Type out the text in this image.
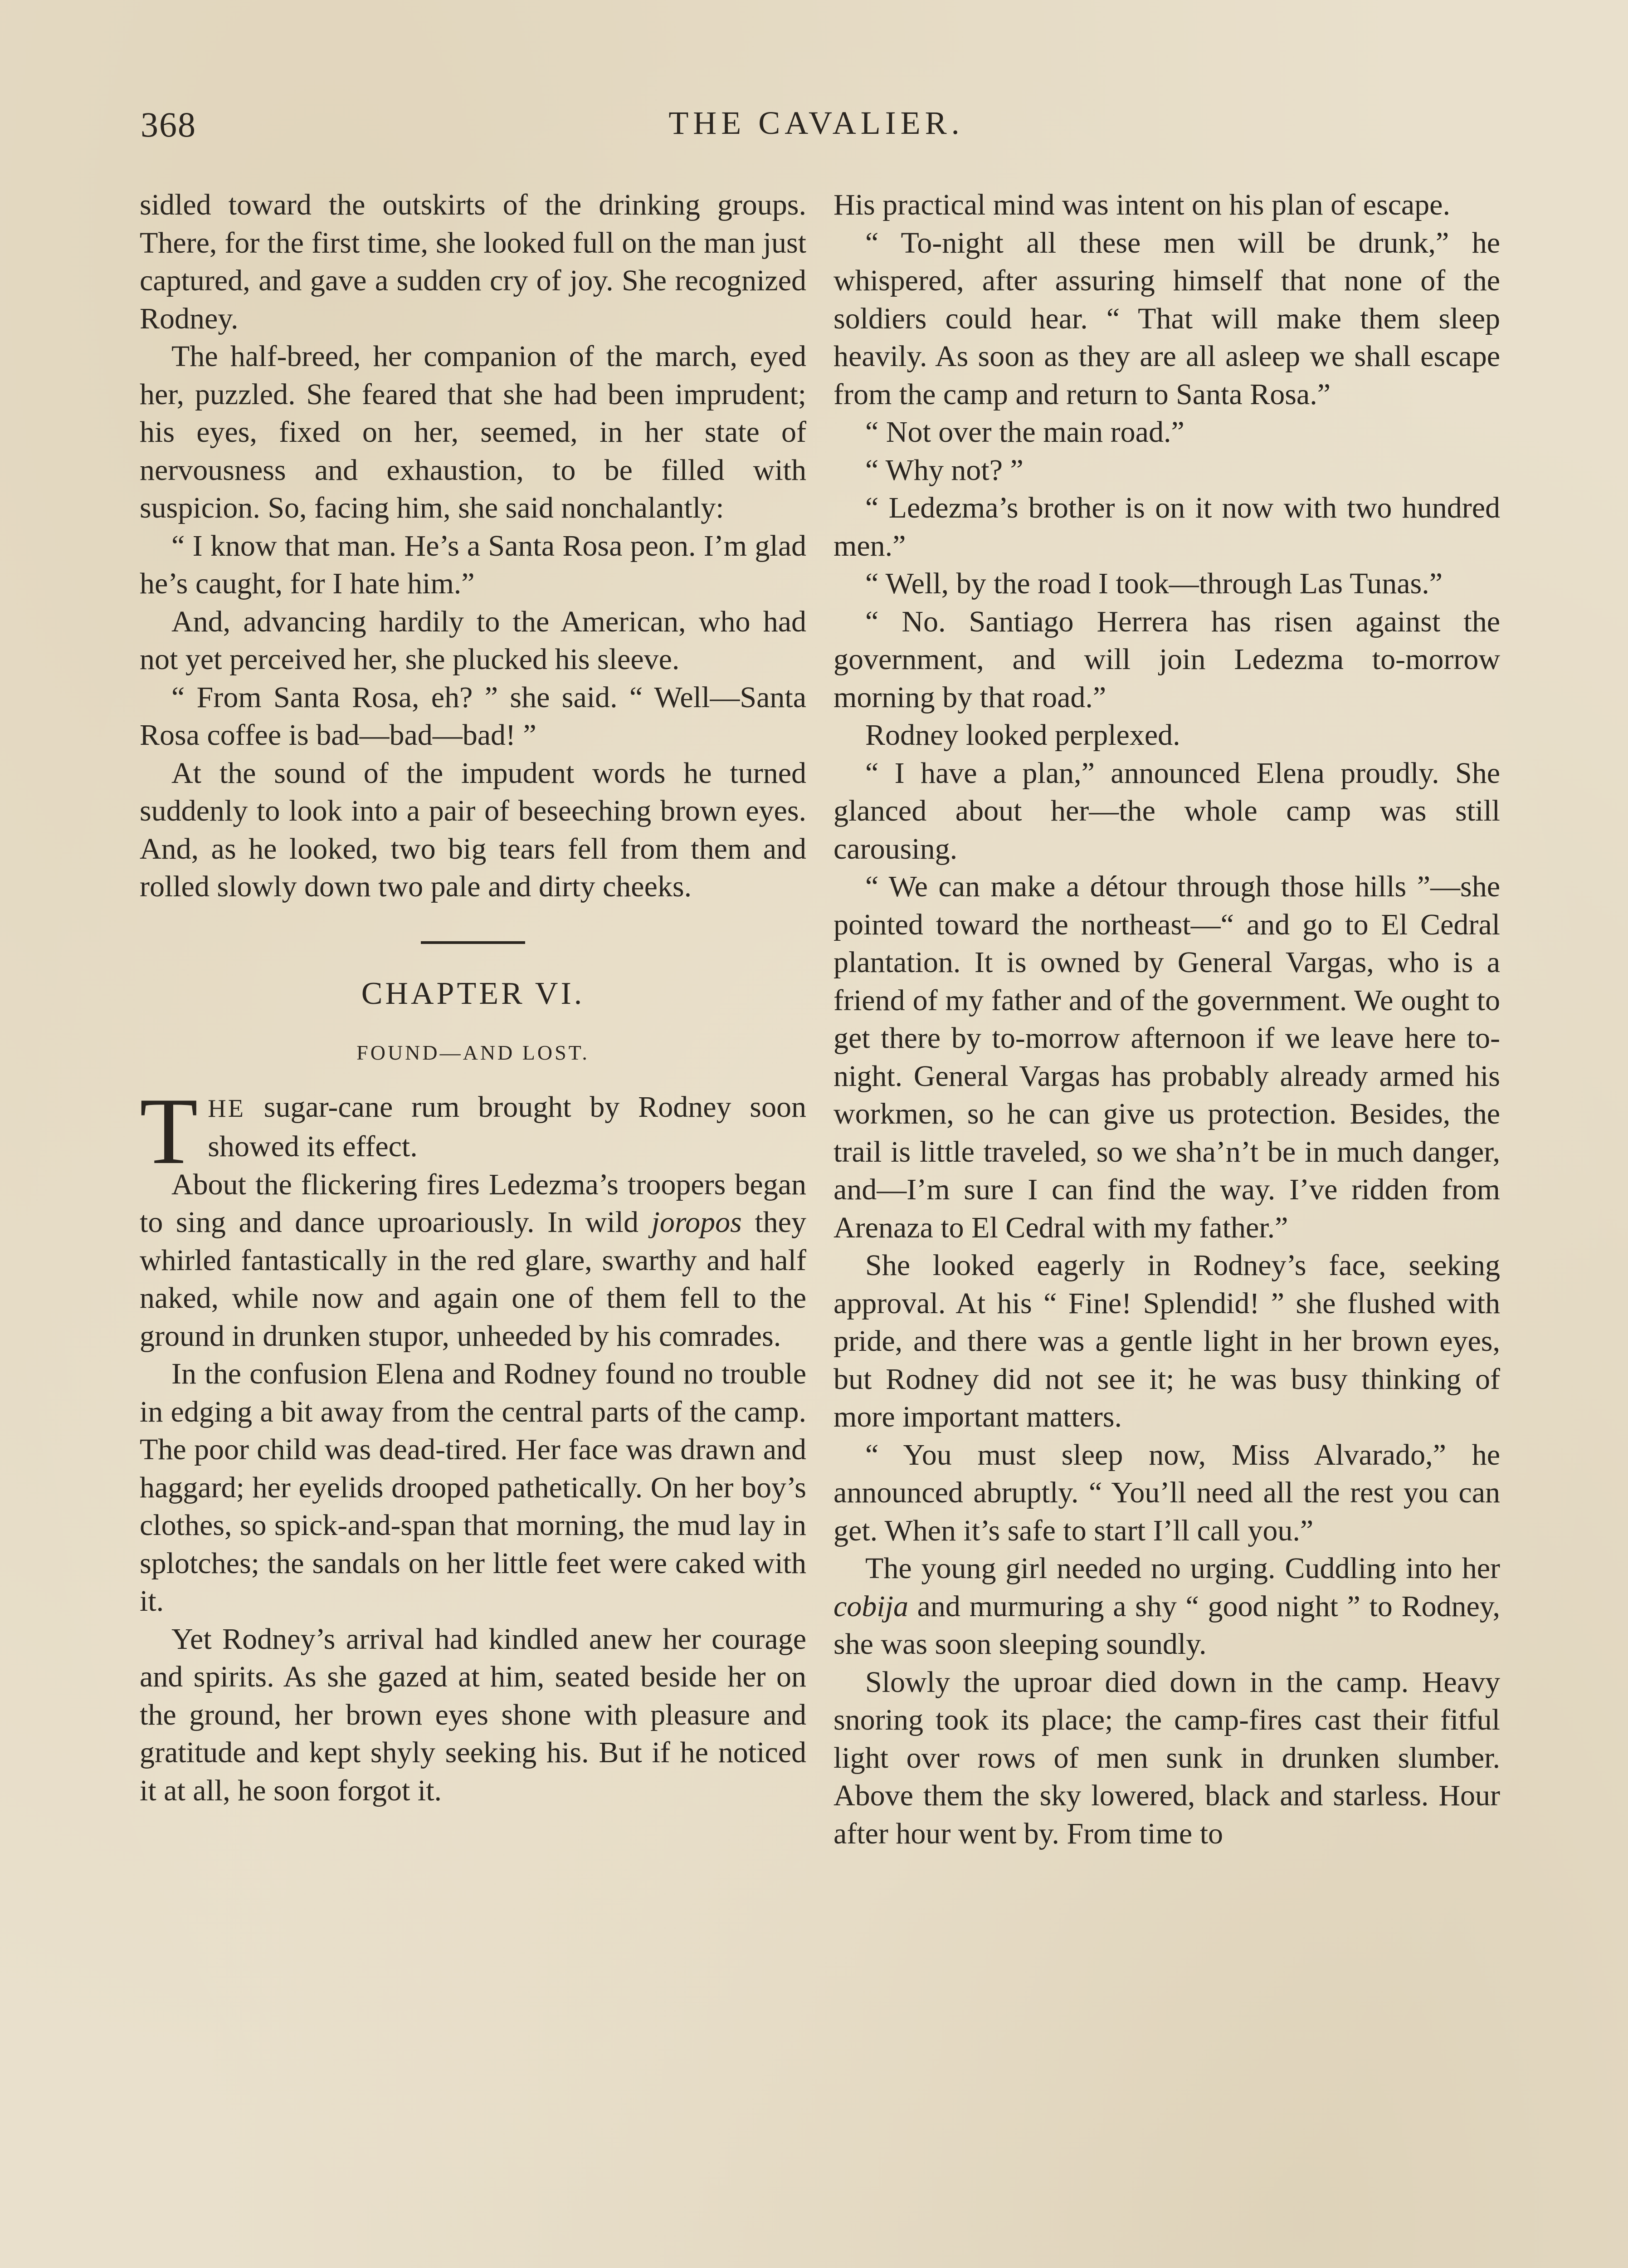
368	THE CAVALIER.

sidled toward the outskirts of the drinking groups. There, for the first time, she looked full on the man just captured, and gave a sudden cry of joy. She recognized Rodney.

The half-breed, her companion of the march, eyed her, puzzled. She feared that she had been imprudent; his eyes, fixed on her, seemed, in her state of nervousness and exhaustion, to be filled with suspicion. So, facing him, she said nonchalantly:

“ I know that man. He’s a Santa Rosa peon. I’m glad he’s caught, for I hate him.”

And, advancing hardily to the American, who had not yet perceived her, she plucked his sleeve.

“ From Santa Rosa, eh? ” she said. “ Well—Santa Rosa coffee is bad—bad—bad! ”

At the sound of the impudent words he turned suddenly to look into a pair of beseeching brown eyes. And, as he looked, two big tears fell from them and rolled slowly down two pale and dirty cheeks.

CHAPTER VI.
FOUND—AND LOST.

THE sugar-cane rum brought by Rodney soon showed its effect.

About the flickering fires Ledezma’s troopers began to sing and dance uproariously. In wild joropos they whirled fantastically in the red glare, swarthy and half naked, while now and again one of them fell to the ground in drunken stupor, unheeded by his comrades.

In the confusion Elena and Rodney found no trouble in edging a bit away from the central parts of the camp. The poor child was dead-tired. Her face was drawn and haggard; her eyelids drooped pathetically. On her boy’s clothes, so spick-and-span that morning, the mud lay in splotches; the sandals on her little feet were caked with it.

Yet Rodney’s arrival had kindled anew her courage and spirits. As she gazed at him, seated beside her on the ground, her brown eyes shone with pleasure and gratitude and kept shyly seeking his. But if he noticed it at all, he soon forgot it.

His practical mind was intent on his plan of escape.

“ To-night all these men will be drunk,” he whispered, after assuring himself that none of the soldiers could hear. “ That will make them sleep heavily. As soon as they are all asleep we shall escape from the camp and return to Santa Rosa.”

“ Not over the main road.”

“ Why not? ”

“ Ledezma’s brother is on it now with two hundred men.”

“ Well, by the road I took—through Las Tunas.”

“ No. Santiago Herrera has risen against the government, and will join Ledezma to-morrow morning by that road.”

Rodney looked perplexed.

“ I have a plan,” announced Elena proudly. She glanced about her—the whole camp was still carousing.

“ We can make a détour through those hills ”—she pointed toward the northeast—“ and go to El Cedral plantation. It is owned by General Vargas, who is a friend of my father and of the government. We ought to get there by to-morrow afternoon if we leave here to-night. General Vargas has probably already armed his workmen, so he can give us protection. Besides, the trail is little traveled, so we sha’n’t be in much danger, and—I’m sure I can find the way. I’ve ridden from Arenaza to El Cedral with my father.”

She looked eagerly in Rodney’s face, seeking approval. At his “ Fine! Splendid! ” she flushed with pride, and there was a gentle light in her brown eyes, but Rodney did not see it; he was busy thinking of more important matters.

“ You must sleep now, Miss Alvarado,” he announced abruptly. “ You’ll need all the rest you can get. When it’s safe to start I’ll call you.”

The young girl needed no urging. Cuddling into her cobija and murmuring a shy “ good night ” to Rodney, she was soon sleeping soundly.

Slowly the uproar died down in the camp. Heavy snoring took its place; the camp-fires cast their fitful light over rows of men sunk in drunken slumber. Above them the sky lowered, black and starless. Hour after hour went by. From time to
